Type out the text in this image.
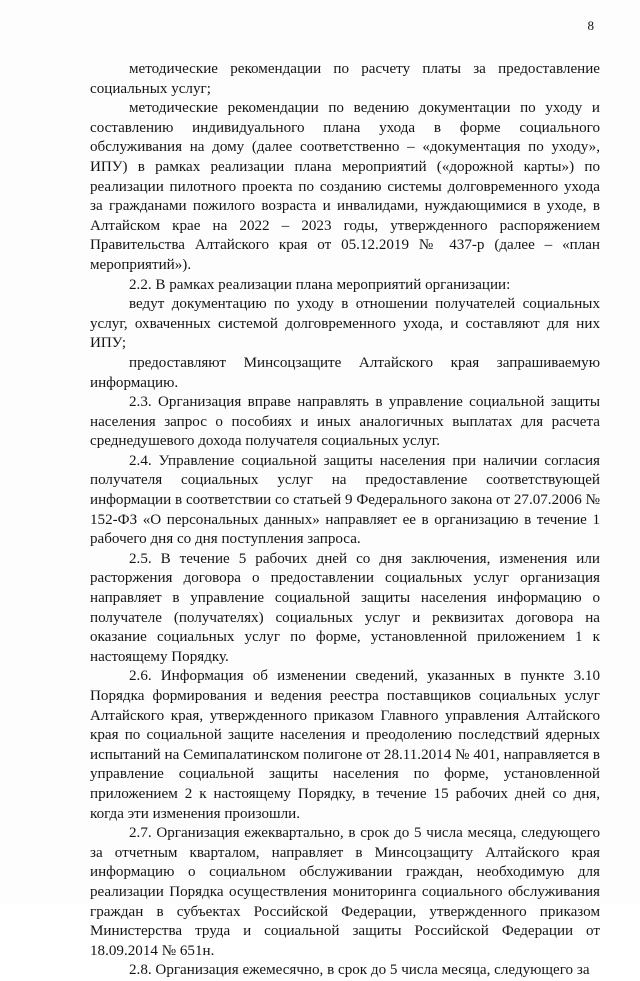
8

методические рекомендации по расчету платы за предоставление социальных услуг;

методические рекомендации по ведению документации по уходу и составлению индивидуального плана ухода в форме социального обслуживания на дому (далее соответственно – «документация по уходу», ИПУ) в рамках реализации плана мероприятий («дорожной карты») по реализации пилотного проекта по созданию системы долговременного ухода за гражданами пожилого возраста и инвалидами, нуждающимися в уходе, в Алтайском крае на 2022 – 2023 годы, утвержденного распоряжением Правительства Алтайского края от 05.12.2019 № 437-р (далее – «план мероприятий»).

2.2. В рамках реализации плана мероприятий организации:

ведут документацию по уходу в отношении получателей социальных услуг, охваченных системой долговременного ухода, и составляют для них ИПУ;

предоставляют Минсоцзащите Алтайского края запрашиваемую информацию.

2.3. Организация вправе направлять в управление социальной защиты населения запрос о пособиях и иных аналогичных выплатах для расчета среднедушевого дохода получателя социальных услуг.

2.4. Управление социальной защиты населения при наличии согласия получателя социальных услуг на предоставление соответствующей информации в соответствии со статьей 9 Федерального закона от 27.07.2006 № 152-ФЗ «О персональных данных» направляет ее в организацию в течение 1 рабочего дня со дня поступления запроса.

2.5. В течение 5 рабочих дней со дня заключения, изменения или расторжения договора о предоставлении социальных услуг организация направляет в управление социальной защиты населения информацию о получателе (получателях) социальных услуг и реквизитах договора на оказание социальных услуг по форме, установленной приложением 1 к настоящему Порядку.

2.6. Информация об изменении сведений, указанных в пункте 3.10 Порядка формирования и ведения реестра поставщиков социальных услуг Алтайского края, утвержденного приказом Главного управления Алтайского края по социальной защите населения и преодолению последствий ядерных испытаний на Семипалатинском полигоне от 28.11.2014 № 401, направляется в управление социальной защиты населения по форме, установленной приложением 2 к настоящему Порядку, в течение 15 рабочих дней со дня, когда эти изменения произошли.

2.7. Организация ежеквартально, в срок до 5 числа месяца, следующего за отчетным кварталом, направляет в Минсоцзащиту Алтайского края информацию о социальном обслуживании граждан, необходимую для реализации Порядка осуществления мониторинга социального обслуживания граждан в субъектах Российской Федерации, утвержденного приказом Министерства труда и социальной защиты Российской Федерации от 18.09.2014 № 651н.

2.8. Организация ежемесячно, в срок до 5 числа месяца, следующего за
